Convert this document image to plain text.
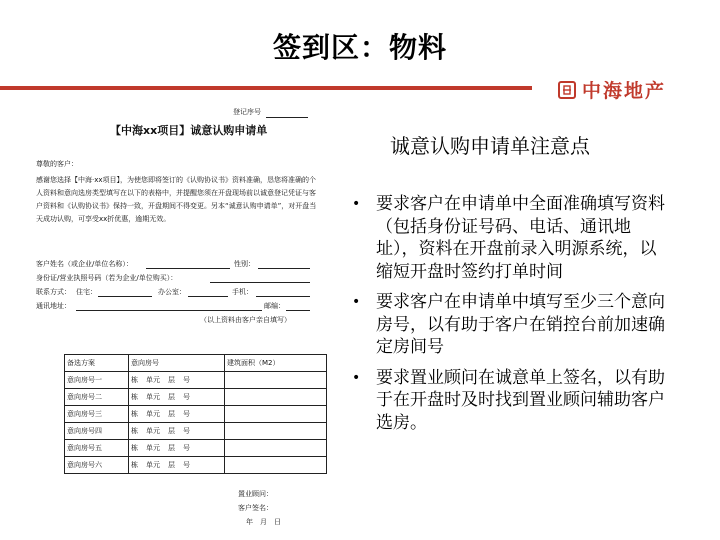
签到区：物料
中海地产
登记序号
【中海xx项目】诚意认购申请单
尊敬的客户：
感谢您选择【中海·xx项目】，为使您即将签订的《认购协议书》资料准确，恳您将准确的个人资料和意向选房类型填写在以下的表格中，并提醒您须在开盘现场前以诚意登记凭证与客户资料和《认购协议书》保持一致，开盘期间不得变更。另本“诚意认购申请单”，对开盘当天成功认购，可享受xx折优惠，逾期无效。
客户姓名（或企业/单位名称）：	性别：
身份证/营业执照号码（若为企业/单位购买）：
联系方式： 住宅：	办公室：	手机：
通讯地址：	邮编：
（以上资料由客户亲自填写）
备选方案	意向房号	建筑面积（M2）
意向房号一	栋 单元 层 号	
意向房号二	栋 单元 层 号	
意向房号三	栋 单元 层 号	
意向房号四	栋 单元 层 号	
意向房号五	栋 单元 层 号	
意向房号六	栋 单元 层 号	
置业顾问：
客户签名：
年　月　日
诚意认购申请单注意点
• 要求客户在申请单中全面准确填写资料（包括身份证号码、电话、通讯地址），资料在开盘前录入明源系统，以缩短开盘时签约打单时间
• 要求客户在申请单中填写至少三个意向房号，以有助于客户在销控台前加速确定房间号
• 要求置业顾问在诚意单上签名，以有助于在开盘时及时找到置业顾问辅助客户选房。
